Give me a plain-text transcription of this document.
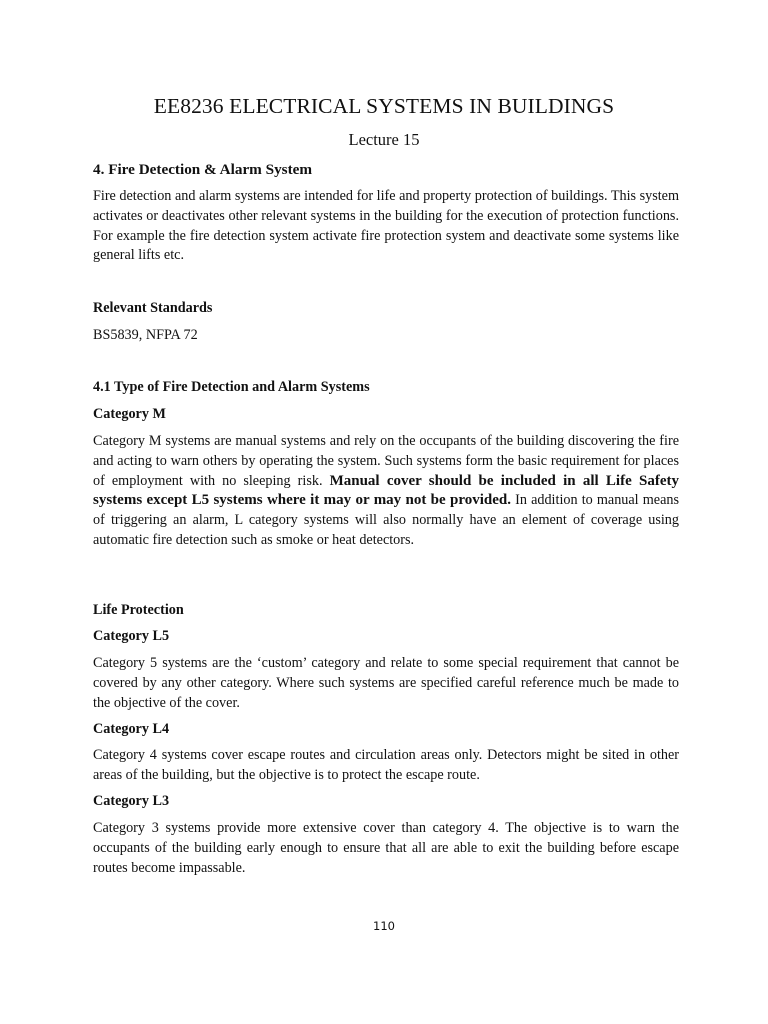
EE8236 ELECTRICAL SYSTEMS IN BUILDINGS
Lecture 15
4. Fire Detection & Alarm System
Fire detection and alarm systems are intended for life and property protection of buildings. This system activates or deactivates other relevant systems in the building for the execution of protection functions. For example the fire detection system activate fire protection system and deactivate some systems like general lifts etc.
Relevant Standards
BS5839, NFPA 72
4.1 Type of Fire Detection and Alarm Systems
Category M
Category M systems are manual systems and rely on the occupants of the building discovering the fire and acting to warn others by operating the system. Such systems form the basic requirement for places of employment with no sleeping risk. Manual cover should be included in all Life Safety systems except L5 systems where it may or may not be provided. In addition to manual means of triggering an alarm, L category systems will also normally have an element of coverage using automatic fire detection such as smoke or heat detectors.
Life Protection
Category L5
Category 5 systems are the ‘custom’ category and relate to some special requirement that cannot be covered by any other category. Where such systems are specified careful reference much be made to the objective of the cover.
Category L4
Category 4 systems cover escape routes and circulation areas only. Detectors might be sited in other areas of the building, but the objective is to protect the escape route.
Category L3
Category 3 systems provide more extensive cover than category 4. The objective is to warn the occupants of the building early enough to ensure that all are able to exit the building before escape routes become impassable.
110
